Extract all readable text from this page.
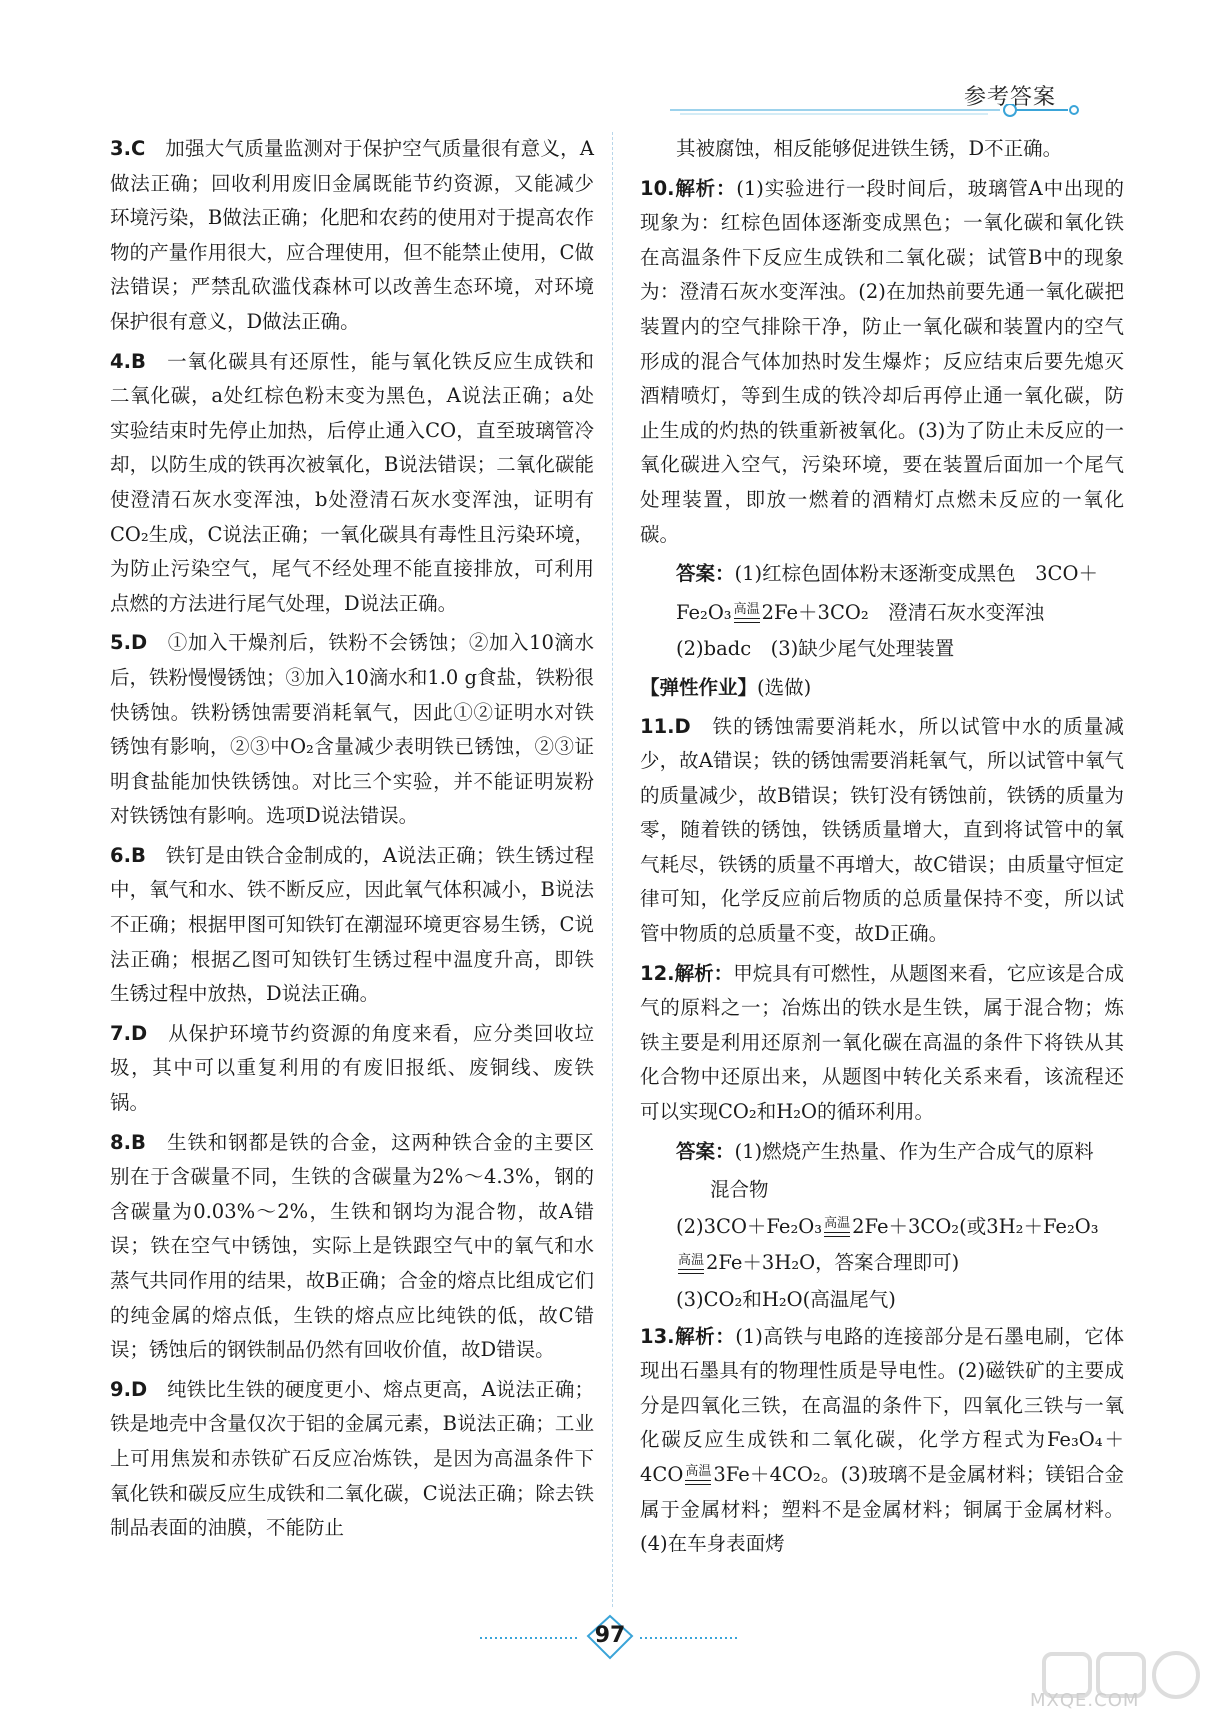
参考答案
3.C　加强大气质量监测对于保护空气质量很有意义，A做法正确；回收利用废旧金属既能节约资源，又能减少环境污染，B做法正确；化肥和农药的使用对于提高农作物的产量作用很大，应合理使用，但不能禁止使用，C做法错误；严禁乱砍滥伐森林可以改善生态环境，对环境保护很有意义，D做法正确。
4.B　一氧化碳具有还原性，能与氧化铁反应生成铁和二氧化碳，a处红棕色粉末变为黑色，A说法正确；a处实验结束时先停止加热，后停止通入CO，直至玻璃管冷却，以防生成的铁再次被氧化，B说法错误；二氧化碳能使澄清石灰水变浑浊，b处澄清石灰水变浑浊，证明有CO₂生成，C说法正确；一氧化碳具有毒性且污染环境，为防止污染空气，尾气不经处理不能直接排放，可利用点燃的方法进行尾气处理，D说法正确。
5.D　①加入干燥剂后，铁粉不会锈蚀；②加入10滴水后，铁粉慢慢锈蚀；③加入10滴水和1.0 g食盐，铁粉很快锈蚀。铁粉锈蚀需要消耗氧气，因此①②证明水对铁锈蚀有影响，②③中O₂含量减少表明铁已锈蚀，②③证明食盐能加快铁锈蚀。对比三个实验，并不能证明炭粉对铁锈蚀有影响。选项D说法错误。
6.B　铁钉是由铁合金制成的，A说法正确；铁生锈过程中，氧气和水、铁不断反应，因此氧气体积减小，B说法不正确；根据甲图可知铁钉在潮湿环境更容易生锈，C说法正确；根据乙图可知铁钉生锈过程中温度升高，即铁生锈过程中放热，D说法正确。
7.D　从保护环境节约资源的角度来看，应分类回收垃圾，其中可以重复利用的有废旧报纸、废铜线、废铁锅。
8.B　生铁和钢都是铁的合金，这两种铁合金的主要区别在于含碳量不同，生铁的含碳量为2%～4.3%，钢的含碳量为0.03%～2%，生铁和钢均为混合物，故A错误；铁在空气中锈蚀，实际上是铁跟空气中的氧气和水蒸气共同作用的结果，故B正确；合金的熔点比组成它们的纯金属的熔点低，生铁的熔点应比纯铁的低，故C错误；锈蚀后的钢铁制品仍然有回收价值，故D错误。
9.D　纯铁比生铁的硬度更小、熔点更高，A说法正确；铁是地壳中含量仅次于铝的金属元素，B说法正确；工业上可用焦炭和赤铁矿石反应冶炼铁，是因为高温条件下氧化铁和碳反应生成铁和二氧化碳，C说法正确；除去铁制品表面的油膜，不能防止
其被腐蚀，相反能够促进铁生锈，D不正确。
10.解析：(1)实验进行一段时间后，玻璃管A中出现的现象为：红棕色固体逐渐变成黑色；一氧化碳和氧化铁在高温条件下反应生成铁和二氧化碳；试管B中的现象为：澄清石灰水变浑浊。(2)在加热前要先通一氧化碳把装置内的空气排除干净，防止一氧化碳和装置内的空气形成的混合气体加热时发生爆炸；反应结束后要先熄灭酒精喷灯，等到生成的铁冷却后再停止通一氧化碳，防止生成的灼热的铁重新被氧化。(3)为了防止未反应的一氧化碳进入空气，污染环境，要在装置后面加一个尾气处理装置，即放一燃着的酒精灯点燃未反应的一氧化碳。
答案：(1)红棕色固体粉末逐渐变成黑色　3CO＋
Fe₂O₃ 高温 2Fe＋3CO₂　澄清石灰水变浑浊
(2)badc　(3)缺少尾气处理装置
【弹性作业】(选做)
11.D　铁的锈蚀需要消耗水，所以试管中水的质量减少，故A错误；铁的锈蚀需要消耗氧气，所以试管中氧气的质量减少，故B错误；铁钉没有锈蚀前，铁锈的质量为零，随着铁的锈蚀，铁锈质量增大，直到将试管中的氧气耗尽，铁锈的质量不再增大，故C错误；由质量守恒定律可知，化学反应前后物质的总质量保持不变，所以试管中物质的总质量不变，故D正确。
12.解析：甲烷具有可燃性，从题图来看，它应该是合成气的原料之一；冶炼出的铁水是生铁，属于混合物；炼铁主要是利用还原剂一氧化碳在高温的条件下将铁从其化合物中还原出来，从题图中转化关系来看，该流程还可以实现CO₂和H₂O的循环利用。
答案：(1)燃烧产生热量、作为生产合成气的原料
混合物
(2)3CO＋Fe₂O₃ 高温 2Fe＋3CO₂(或3H₂＋Fe₂O₃
高温 2Fe＋3H₂O，答案合理即可)
(3)CO₂和H₂O(高温尾气)
13.解析：(1)高铁与电路的连接部分是石墨电刷，它体现出石墨具有的物理性质是导电性。(2)磁铁矿的主要成分是四氧化三铁，在高温的条件下，四氧化三铁与一氧化碳反应生成铁和二氧化碳，化学方程式为Fe₃O₄＋4CO 高温 3Fe＋4CO₂。(3)玻璃不是金属材料；镁铝合金属于金属材料；塑料不是金属材料；铜属于金属材料。(4)在车身表面烤
97
MXQE.COM
